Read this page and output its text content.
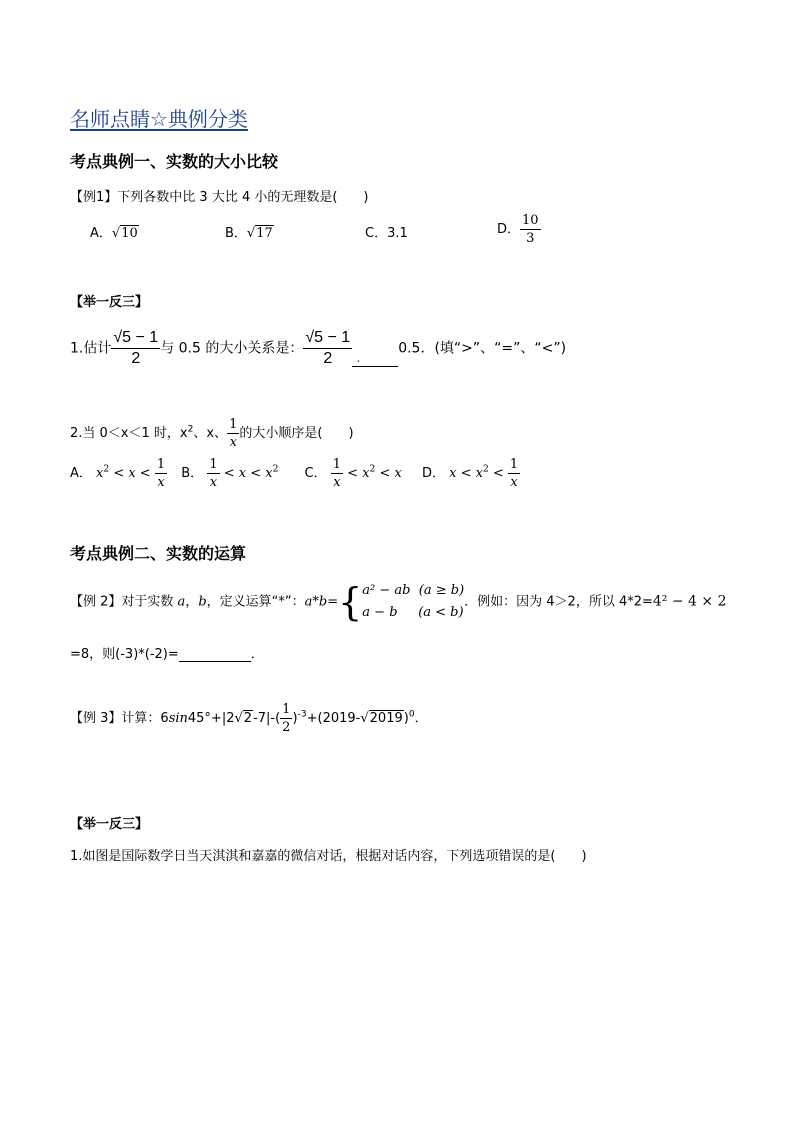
名师点睛☆典例分类
考点典例一、实数的大小比较
【例1】下列各数中比 3 大比 4 小的无理数是(　　)
A．√10	B．√17	C．3.1	D． $\frac{10}{3}$
【举一反三】
1.估计 $\frac{√5 - 1}{2}$ 与 0.5 的大小关系是： $\frac{√5 - 1}{2}$ .
0.5．(填“>”、“=”、“<”)
2.当 0＜x＜1 时，$x^2$、x、 $\frac{1}{x}$ 的大小顺序是(　　)
A． $x^2 < x < \frac{1}{x}$ B． $\frac{1}{x} < x < x^2$ C． $\frac{1}{x} < x^2 < x$ D． $x < x^2 < \frac{1}{x}$
考点典例二、实数的运算
【例 2】对于实数 a，b，定义运算“*”：a*b={ a² − ab (a ≥ b)
a − b (a < b)
．例如：因为 4＞2，所以 4*2=4² − 4 × 2
=8，则(-3)*(-2)=	．
【例 3】计算：$6\sin 45^\circ+|2√2-7|-( \frac{1}{2} )^{-3}+(2019-√2019)^0$．
【举一反三】
1.如图是国际数学日当天淇淇和嘉嘉的微信对话，根据对话内容，下列选项错误的是(　　)
